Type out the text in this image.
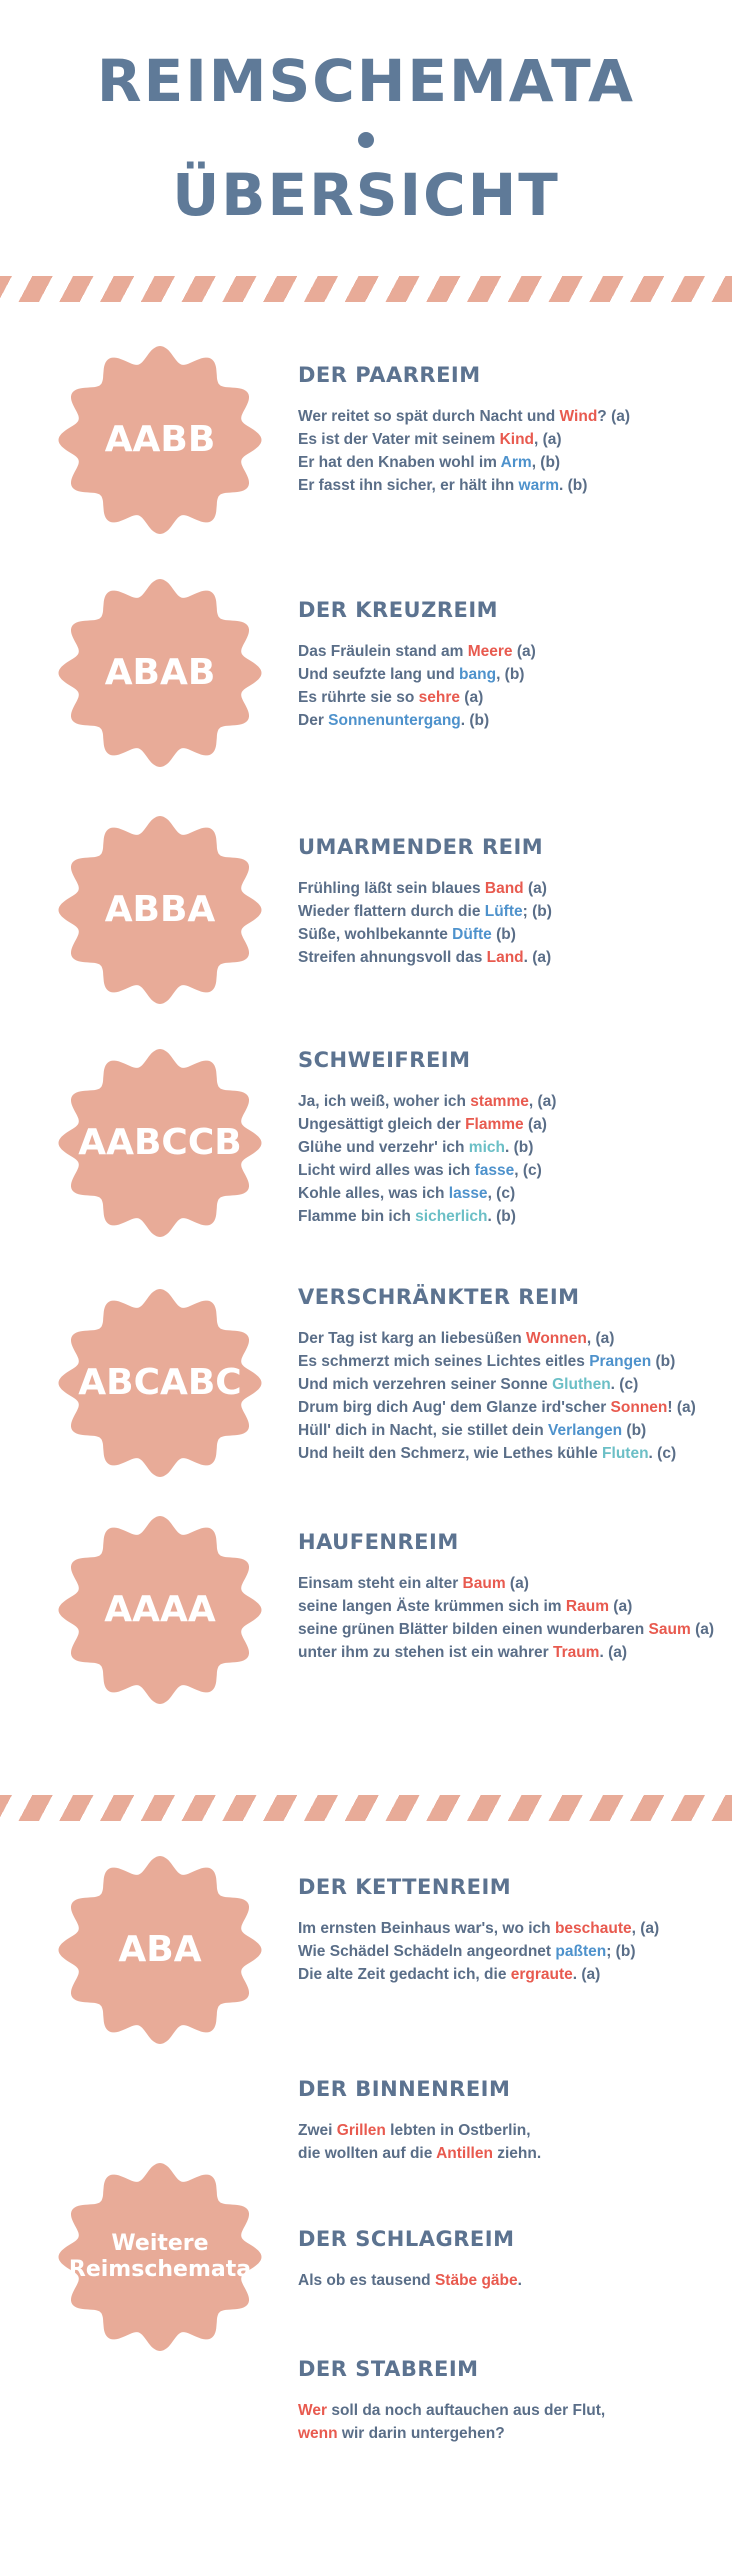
REIMSCHEMATA
ÜBERSICHT
AABB
ABAB
ABBA
AABCCB
ABCABC
AAAA
ABA
Weitere Reimschemata
DER PAARREIM
Wer reitet so spät durch Nacht und Wind? (a)
Es ist der Vater mit seinem Kind, (a)
Er hat den Knaben wohl im Arm, (b)
Er fasst ihn sicher, er hält ihn warm. (b)
DER KREUZREIM
Das Fräulein stand am Meere (a)
Und seufzte lang und bang, (b)
Es rührte sie so sehre (a)
Der Sonnenuntergang. (b)
UMARMENDER REIM
Frühling läßt sein blaues Band (a)
Wieder flattern durch die Lüfte; (b)
Süße, wohlbekannte Düfte (b)
Streifen ahnungsvoll das Land. (a)
SCHWEIFREIM
Ja, ich weiß, woher ich stamme, (a)
Ungesättigt gleich der Flamme (a)
Glühe und verzehr' ich mich. (b)
Licht wird alles was ich fasse, (c)
Kohle alles, was ich lasse, (c)
Flamme bin ich sicherlich. (b)
VERSCHRÄNKTER REIM
Der Tag ist karg an liebesüßen Wonnen, (a)
Es schmerzt mich seines Lichtes eitles Prangen (b)
Und mich verzehren seiner Sonne Gluthen. (c)
Drum birg dich Aug' dem Glanze ird'scher Sonnen! (a)
Hüll' dich in Nacht, sie stillet dein Verlangen (b)
Und heilt den Schmerz, wie Lethes kühle Fluten. (c)
HAUFENREIM
Einsam steht ein alter Baum (a)
seine langen Äste krümmen sich im Raum (a)
seine grünen Blätter bilden einen wunderbaren Saum (a)
unter ihm zu stehen ist ein wahrer Traum. (a)
DER KETTENREIM
Im ernsten Beinhaus war's, wo ich beschaute, (a)
Wie Schädel Schädeln angeordnet paßten; (b)
Die alte Zeit gedacht ich, die ergraute. (a)
DER BINNENREIM
Zwei Grillen lebten in Ostberlin,
die wollten auf die Antillen ziehn.
DER SCHLAGREIM
Als ob es tausend Stäbe gäbe.
DER STABREIM
Wer soll da noch auftauchen aus der Flut,
wenn wir darin untergehen?
